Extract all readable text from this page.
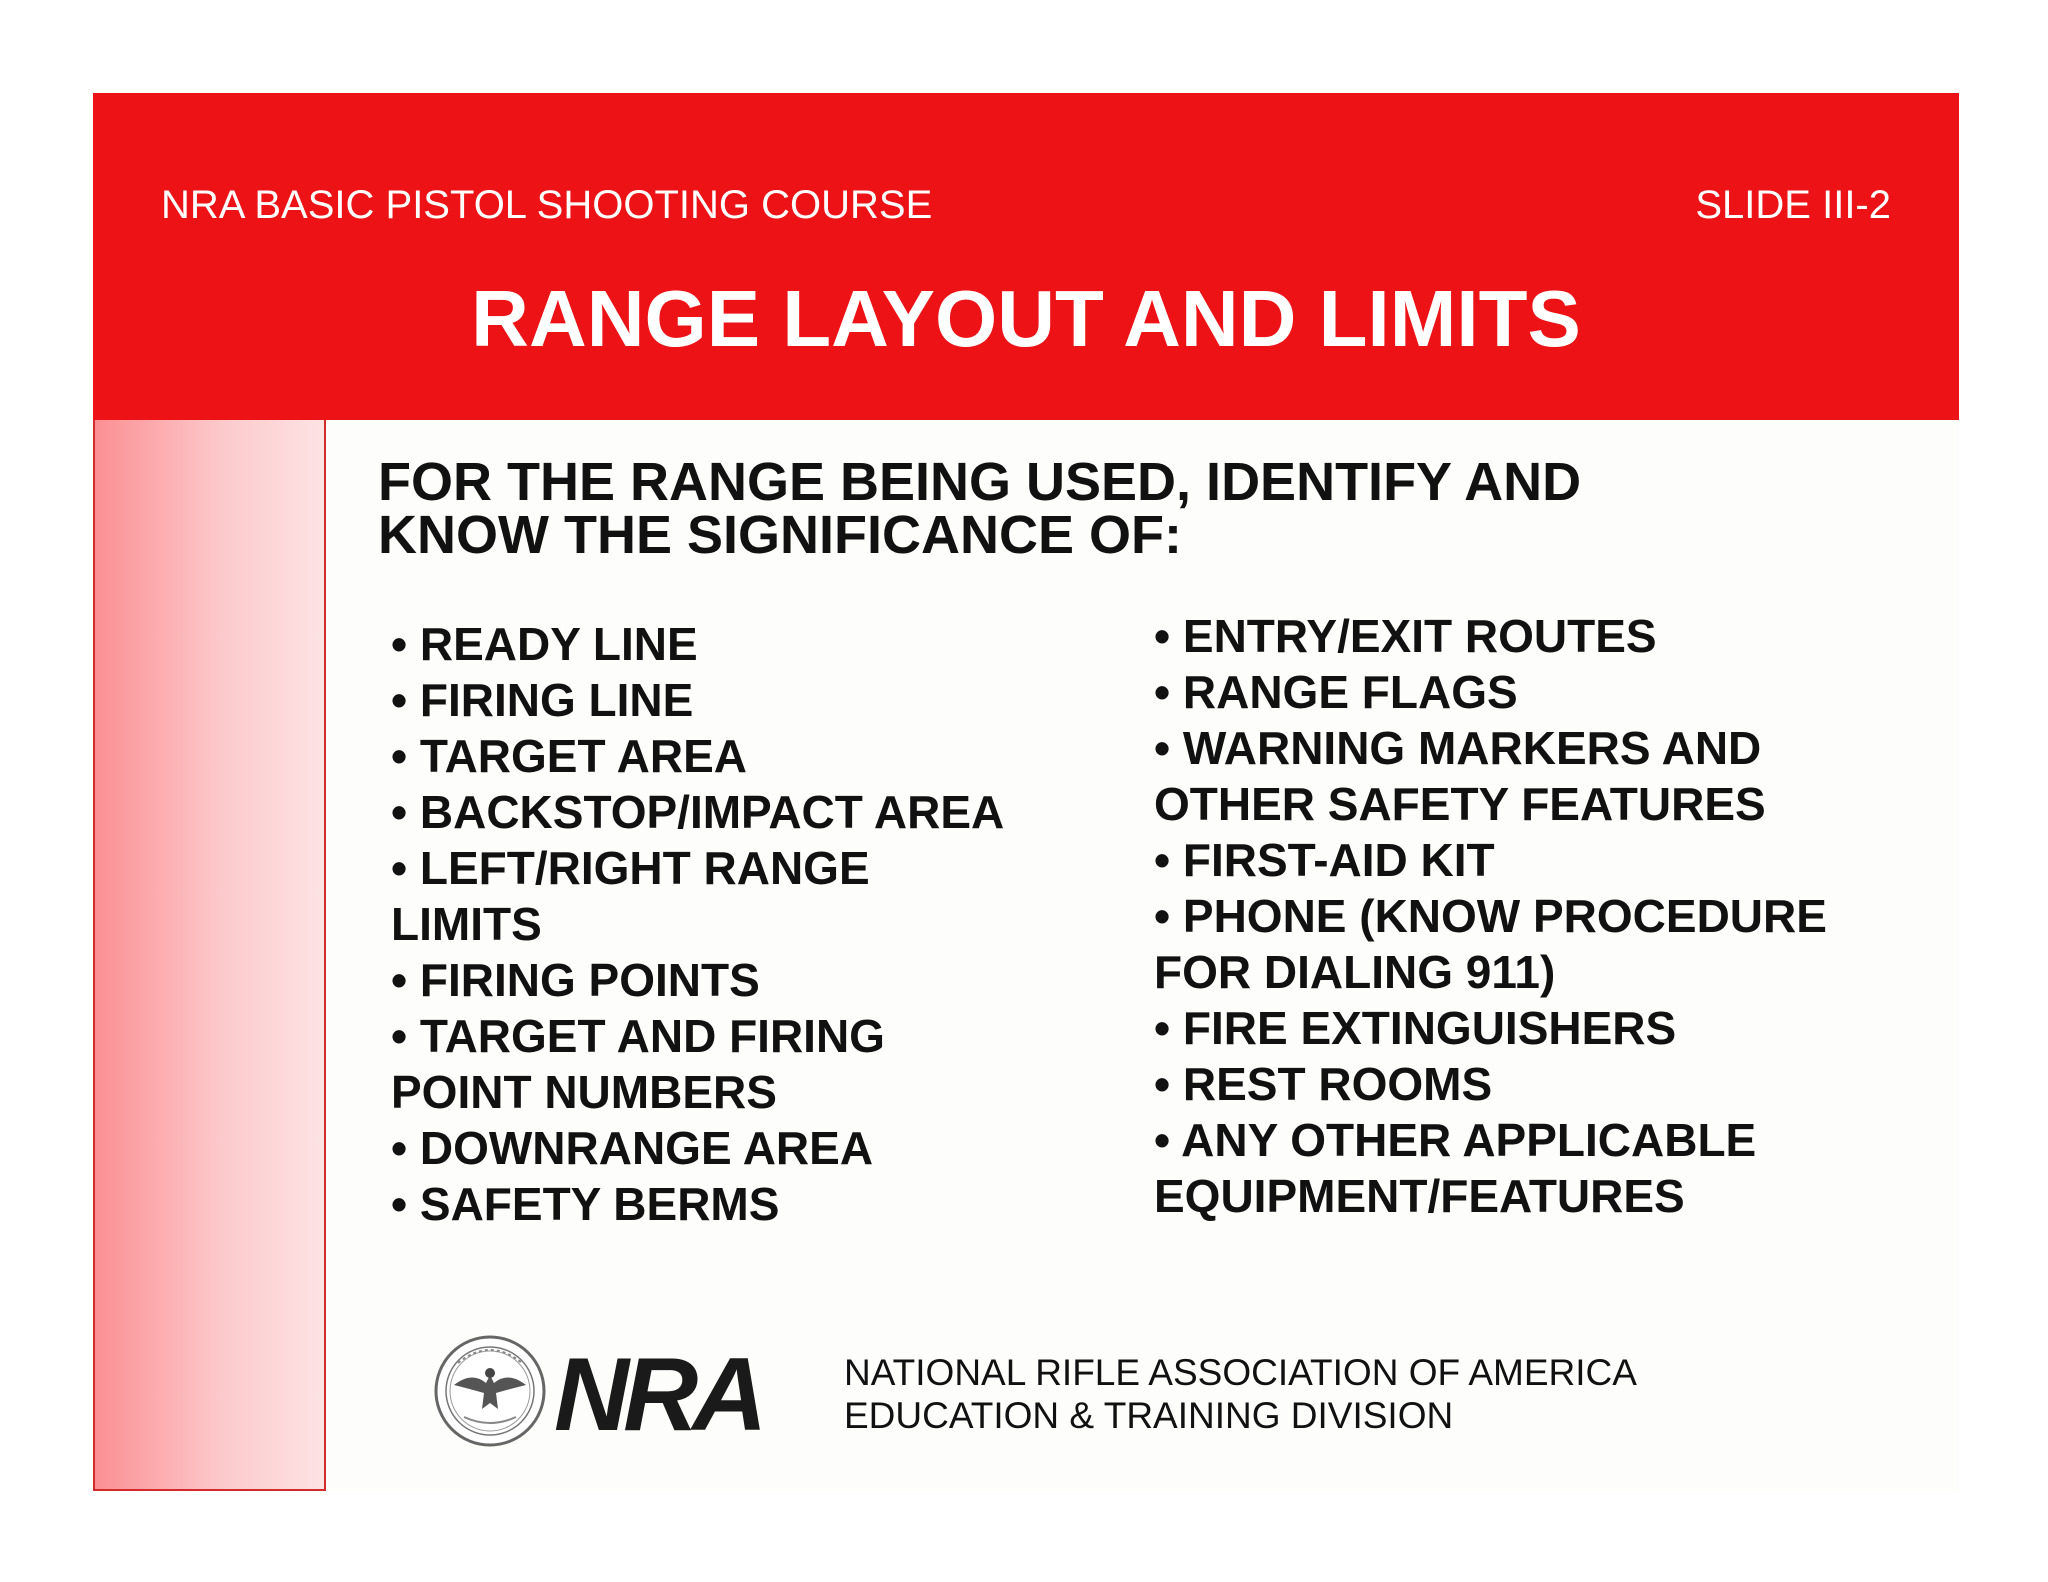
NRA BASIC PISTOL SHOOTING COURSE	SLIDE III-2
RANGE LAYOUT AND LIMITS
FOR THE RANGE BEING USED, IDENTIFY AND
KNOW THE SIGNIFICANCE OF:
• READY LINE
• FIRING LINE
• TARGET AREA
• BACKSTOP/IMPACT AREA
• LEFT/RIGHT RANGE
LIMITS
• FIRING POINTS
• TARGET AND FIRING
POINT NUMBERS
• DOWNRANGE AREA
• SAFETY BERMS
• ENTRY/EXIT ROUTES
• RANGE FLAGS
• WARNING MARKERS AND
OTHER SAFETY FEATURES
• FIRST-AID KIT
• PHONE (KNOW PROCEDURE
FOR DIALING 911)
• FIRE EXTINGUISHERS
• REST ROOMS
• ANY OTHER APPLICABLE
EQUIPMENT/FEATURES
NRA NATIONAL RIFLE ASSOCIATION OF AMERICA
EDUCATION & TRAINING DIVISION
